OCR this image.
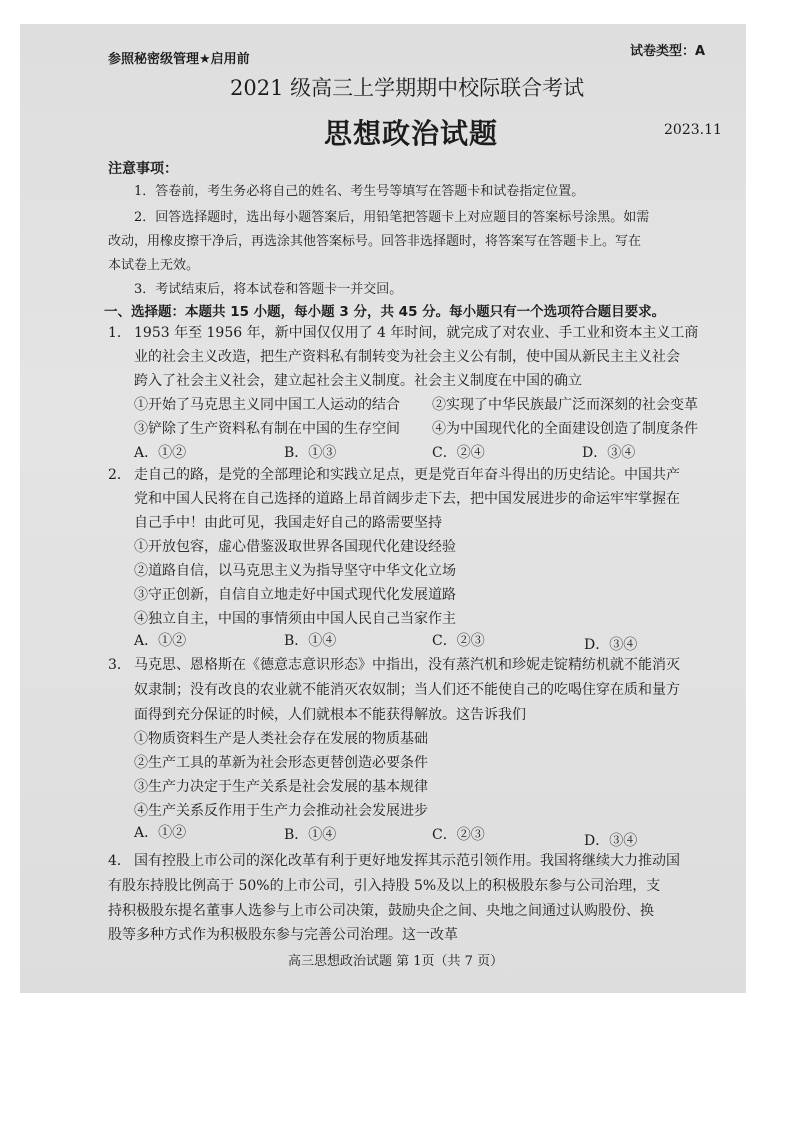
参照秘密级管理★启用前
试卷类型：A
2021 级高三上学期期中校际联合考试
思想政治试题	2023.11
注意事项：
1．答卷前，考生务必将自己的姓名、考生号等填写在答题卡和试卷指定位置。
2．回答选择题时，选出每小题答案后，用铅笔把答题卡上对应题目的答案标号涂黑。如需
改动，用橡皮擦干净后，再选涂其他答案标号。回答非选择题时，将答案写在答题卡上。写在
本试卷上无效。
3．考试结束后，将本试卷和答题卡一并交回。
一、选择题：本题共 15 小题，每小题 3 分，共 45 分。每小题只有一个选项符合题目要求。
1． 1953 年至 1956 年，新中国仅仅用了 4 年时间，就完成了对农业、手工业和资本主义工商
业的社会主义改造，把生产资料私有制转变为社会主义公有制，使中国从新民主主义社会
跨入了社会主义社会，建立起社会主义制度。社会主义制度在中国的确立
①开始了马克思主义同中国工人运动的结合 ②实现了中华民族最广泛而深刻的社会变革
③铲除了生产资料私有制在中国的生存空间 ④为中国现代化的全面建设创造了制度条件
A．①②	B．①③	C．②④	D．③④
2． 走自己的路，是党的全部理论和实践立足点，更是党百年奋斗得出的历史结论。中国共产
党和中国人民将在自己选择的道路上昂首阔步走下去，把中国发展进步的命运牢牢掌握在
自己手中！由此可见，我国走好自己的路需要坚持
①开放包容，虚心借鉴汲取世界各国现代化建设经验
②道路自信，以马克思主义为指导坚守中华文化立场
③守正创新，自信自立地走好中国式现代化发展道路
④独立自主，中国的事情须由中国人民自己当家作主
A．①②	B．①④	C．②③	D．③④
3． 马克思、恩格斯在《德意志意识形态》中指出，没有蒸汽机和珍妮走锭精纺机就不能消灭
奴隶制；没有改良的农业就不能消灭农奴制；当人们还不能使自己的吃喝住穿在质和量方
面得到充分保证的时候，人们就根本不能获得解放。这告诉我们
①物质资料生产是人类社会存在发展的物质基础
②生产工具的革新为社会形态更替创造必要条件
③生产力决定于生产关系是社会发展的基本规律
④生产关系反作用于生产力会推动社会发展进步
A．①②	B．①④	C．②③	D．③④
4． 国有控股上市公司的深化改革有利于更好地发挥其示范引领作用。我国将继续大力推动国
有股东持股比例高于 50%的上市公司，引入持股 5%及以上的积极股东参与公司治理，支
持积极股东提名董事人选参与上市公司决策，鼓励央企之间、央地之间通过认购股份、换
股等多种方式作为积极股东参与完善公司治理。这一改革
高三思想政治试题 第 1页（共 7 页）
